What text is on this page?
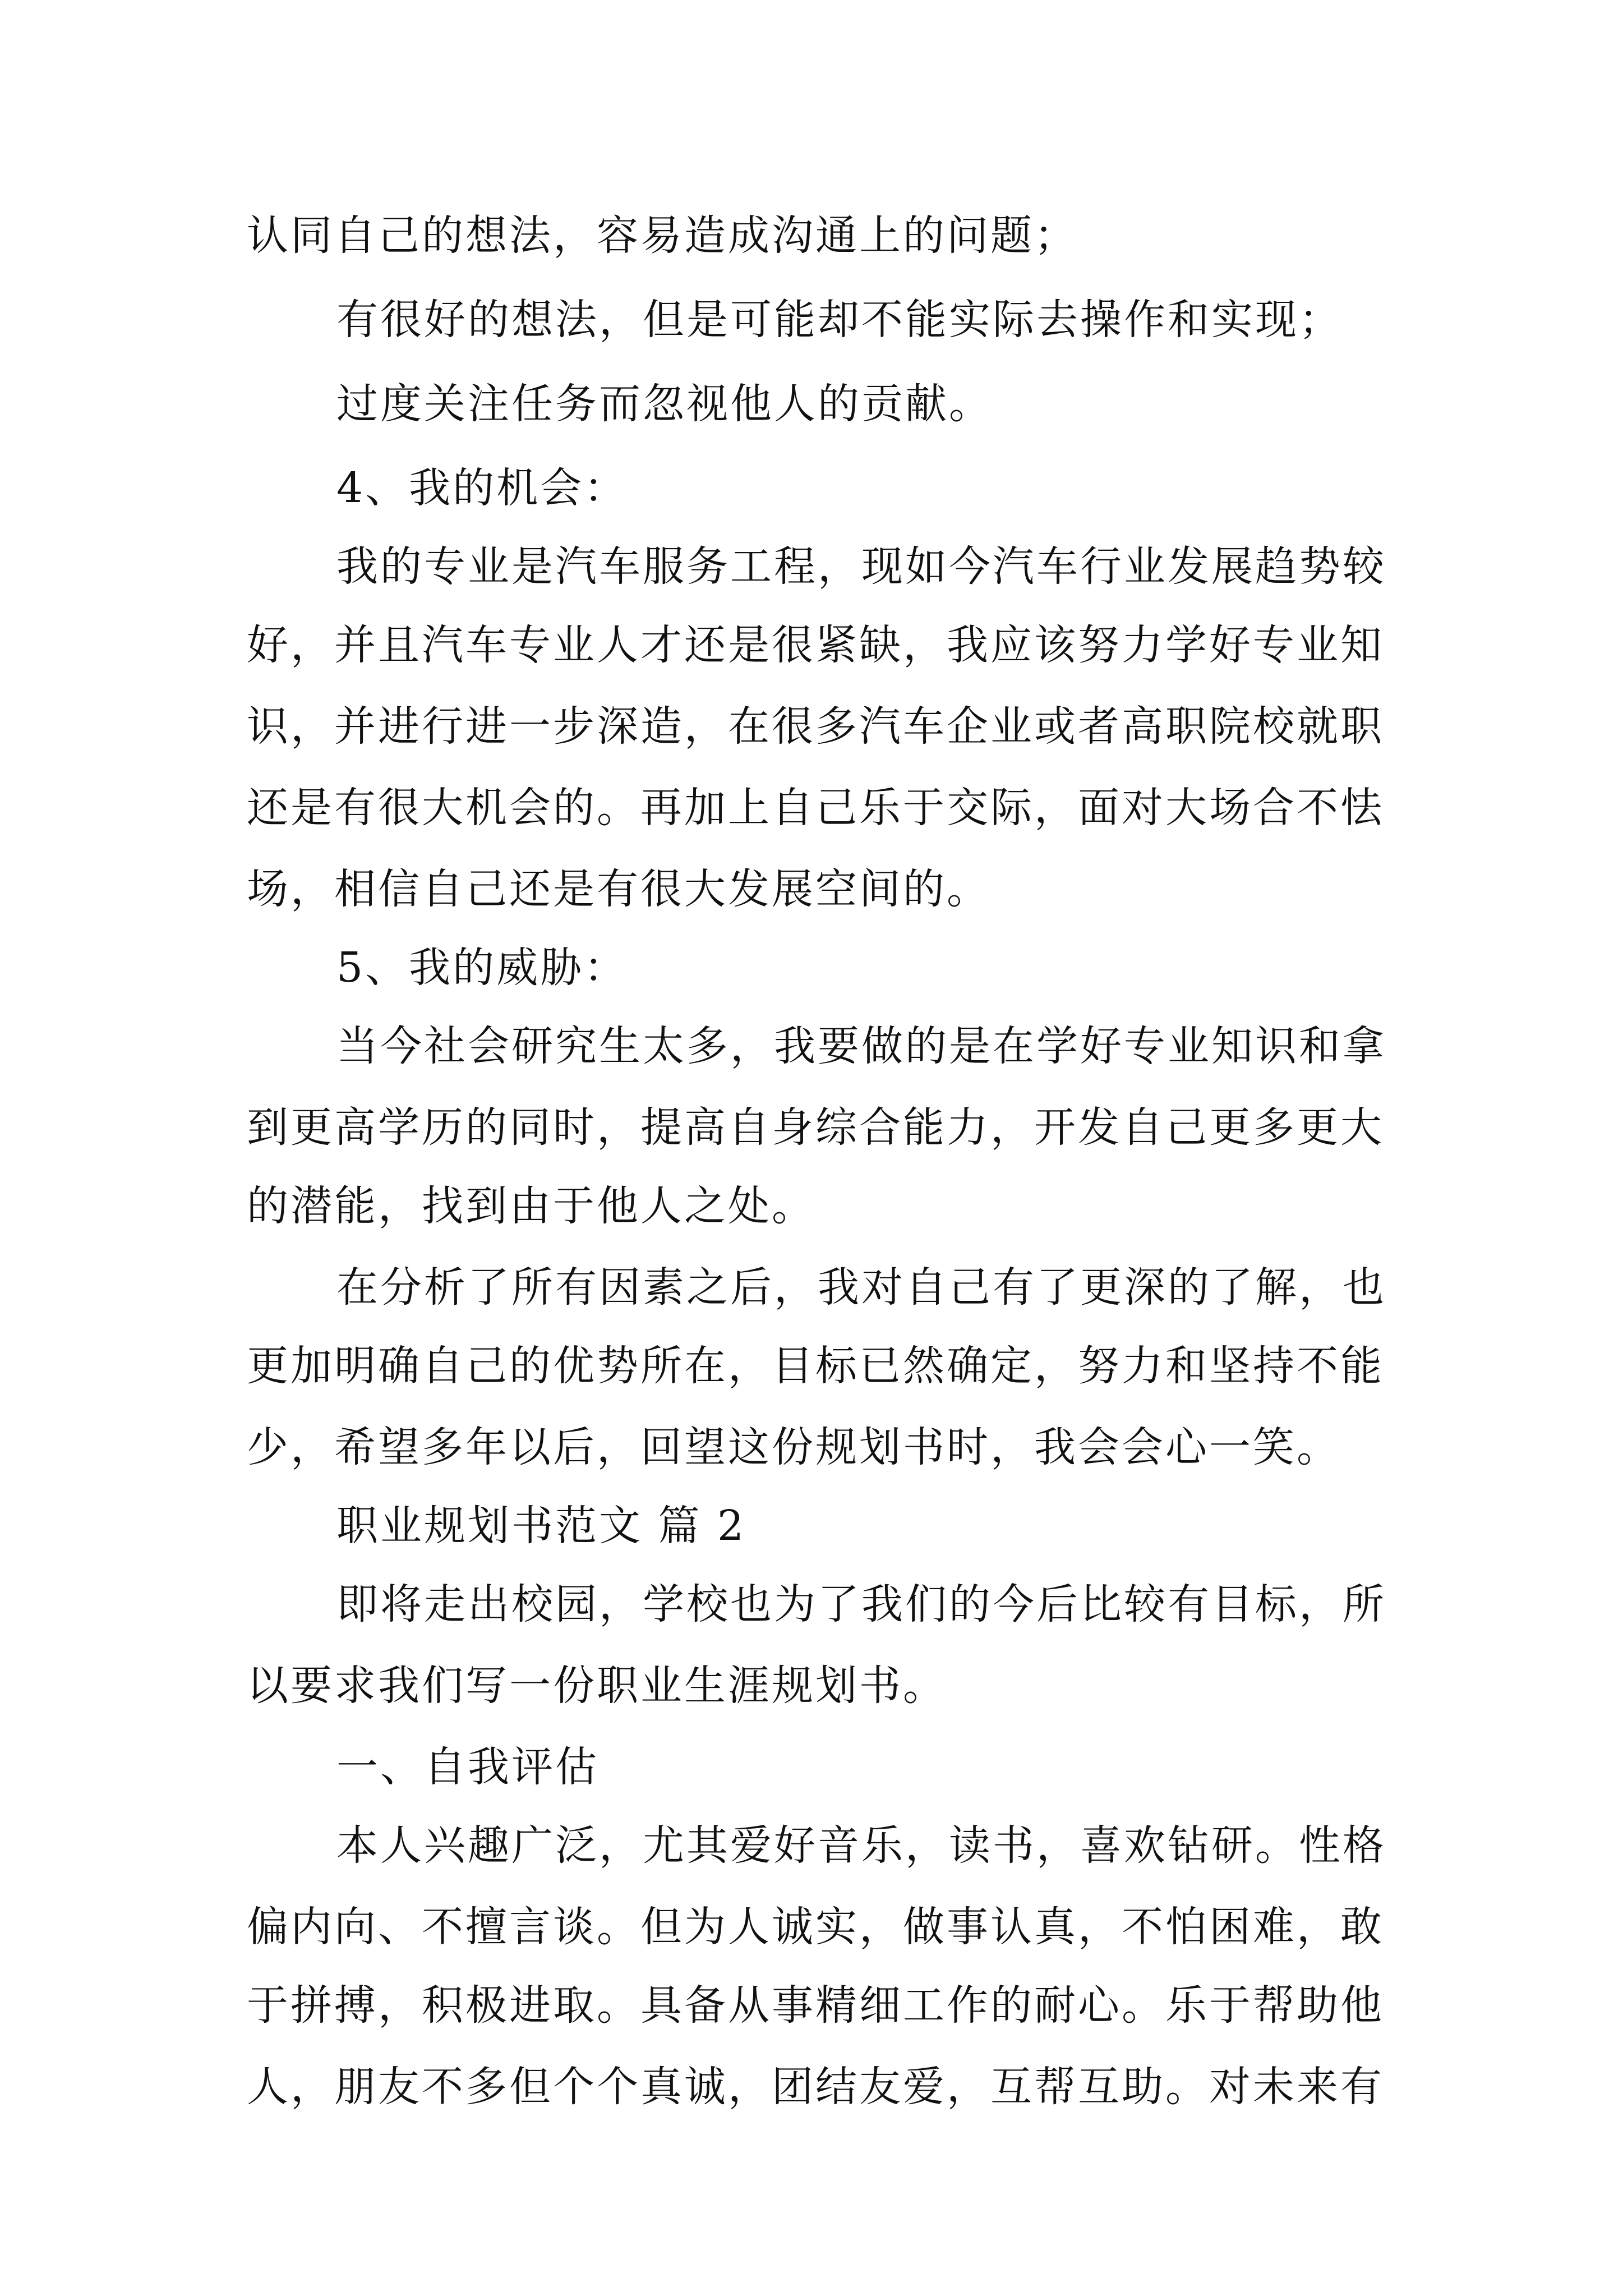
认同自己的想法，容易造成沟通上的问题；
有很好的想法，但是可能却不能实际去操作和实现；
过度关注任务而忽视他人的贡献。
4、我的机会：
我的专业是汽车服务工程，现如今汽车行业发展趋势较
好，并且汽车专业人才还是很紧缺，我应该努力学好专业知
识，并进行进一步深造，在很多汽车企业或者高职院校就职
还是有很大机会的。再加上自己乐于交际，面对大场合不怯
场，相信自己还是有很大发展空间的。
5、我的威胁：
当今社会研究生太多，我要做的是在学好专业知识和拿
到更高学历的同时，提高自身综合能力，开发自己更多更大
的潜能，找到由于他人之处。
在分析了所有因素之后，我对自己有了更深的了解，也
更加明确自己的优势所在，目标已然确定，努力和坚持不能
少，希望多年以后，回望这份规划书时，我会会心一笑。
职业规划书范文 篇 2
即将走出校园，学校也为了我们的今后比较有目标，所
以要求我们写一份职业生涯规划书。
一、自我评估
本人兴趣广泛，尤其爱好音乐，读书，喜欢钻研。性格
偏内向、不擅言谈。但为人诚实，做事认真，不怕困难，敢
于拼搏，积极进取。具备从事精细工作的耐心。乐于帮助他
人，朋友不多但个个真诚，团结友爱，互帮互助。对未来有
